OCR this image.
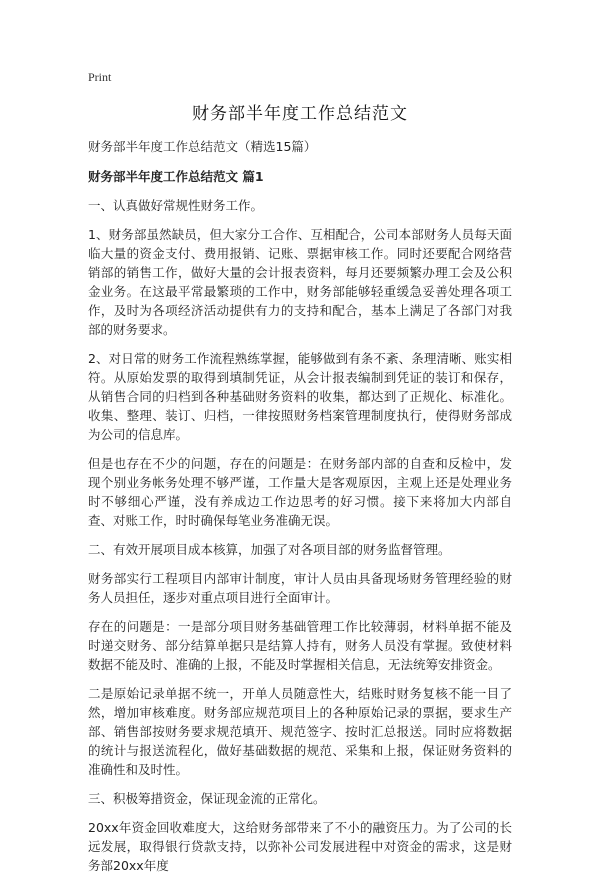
Print
财务部半年度工作总结范文

财务部半年度工作总结范文（精选15篇）

财务部半年度工作总结范文 篇1

一、认真做好常规性财务工作。

1、财务部虽然缺员，但大家分工合作、互相配合，公司本部财务人员每天面临大量的资金支付、费用报销、记账、票据审核工作。同时还要配合网络营销部的销售工作，做好大量的会计报表资料，每月还要频繁办理工会及公积金业务。在这最平常最繁琐的工作中，财务部能够轻重缓急妥善处理各项工作，及时为各项经济活动提供有力的支持和配合，基本上满足了各部门对我部的财务要求。

2、对日常的财务工作流程熟练掌握，能够做到有条不紊、条理清晰、账实相符。从原始发票的取得到填制凭证，从会计报表编制到凭证的装订和保存，从销售合同的归档到各种基础财务资料的收集，都达到了正规化、标准化。收集、整理、装订、归档，一律按照财务档案管理制度执行，使得财务部成为公司的信息库。

但是也存在不少的问题，存在的问题是：在财务部内部的自查和反检中，发现个别业务帐务处理不够严谨，工作量大是客观原因，主观上还是处理业务时不够细心严谨，没有养成边工作边思考的好习惯。接下来将加大内部自查、对账工作，时时确保每笔业务准确无误。

二、有效开展项目成本核算，加强了对各项目部的财务监督管理。

财务部实行工程项目内部审计制度，审计人员由具备现场财务管理经验的财务人员担任，逐步对重点项目进行全面审计。

存在的问题是：一是部分项目财务基础管理工作比较薄弱，材料单据不能及时递交财务、部分结算单据只是结算人持有，财务人员没有掌握。致使材料数据不能及时、准确的上报，不能及时掌握相关信息，无法统筹安排资金。

二是原始记录单据不统一，开单人员随意性大，结账时财务复核不能一目了然，增加审核难度。财务部应规范项目上的各种原始记录的票据，要求生产部、销售部按财务要求规范填开、规范签字、按时汇总报送。同时应将数据的统计与报送流程化，做好基础数据的规范、采集和上报，保证财务资料的准确性和及时性。

三、积极筹措资金，保证现金流的正常化。

20xx年资金回收难度大，这给财务部带来了不小的融资压力。为了公司的长远发展，取得银行贷款支持，以弥补公司发展进程中对资金的需求，这是财务部20xx年度
